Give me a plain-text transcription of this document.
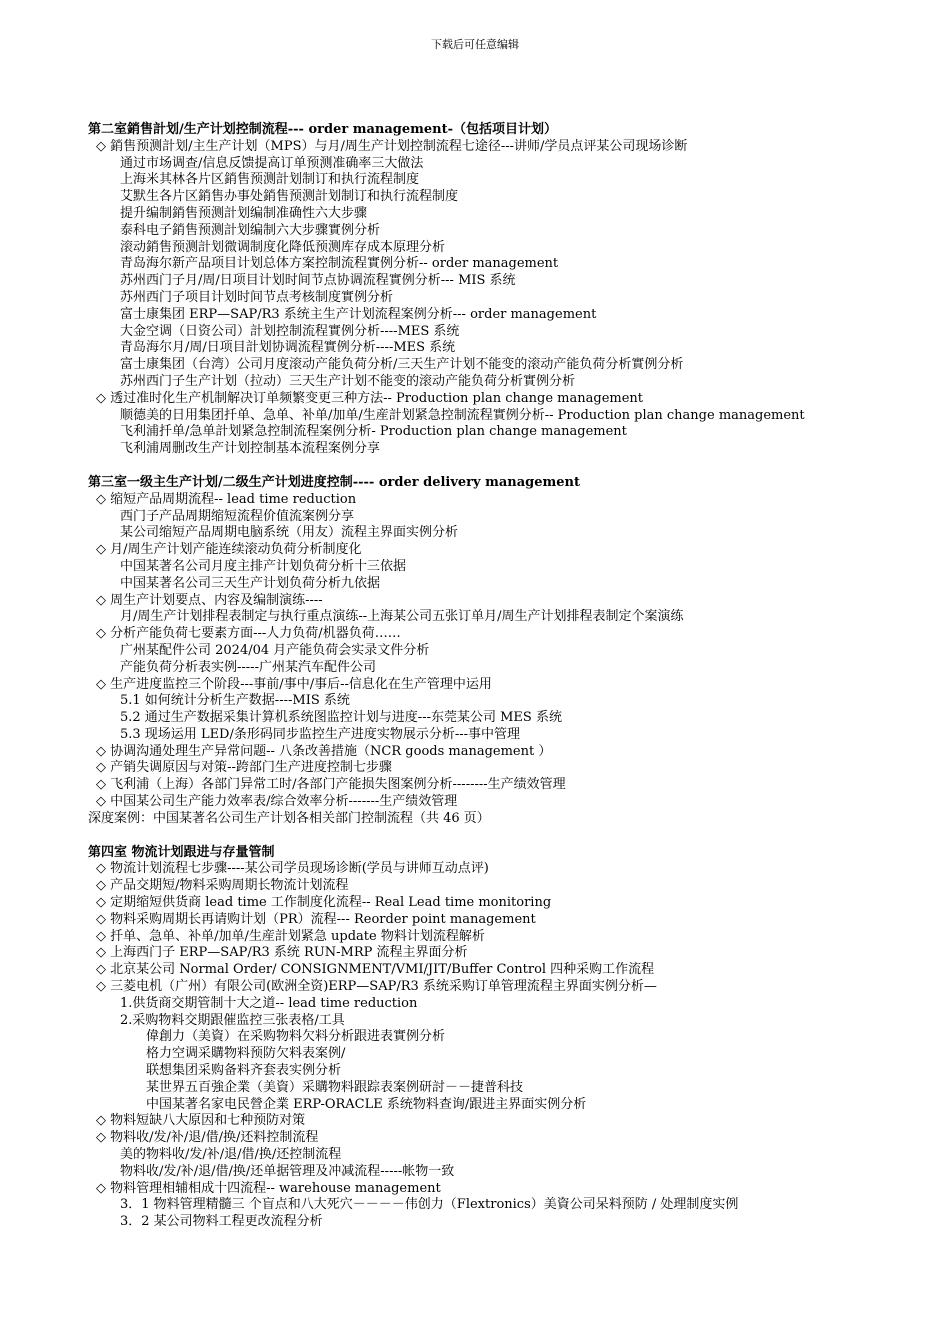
下载后可任意编辑
第二室銷售計划/生产计划控制流程--- order management-（包括项目计划）
◇ 銷售预测計划/主生产计划（MPS）与月/周生产计划控制流程七途径---讲师/学员点评某公司现场诊断
通过市场调查/信息反馈提高订单预测准确率三大做法
上海米其林各片区銷售预测計划制订和执行流程制度
艾默生各片区銷售办事处銷售预测計划制订和执行流程制度
提升编制銷售预测計划编制准确性六大步骤
泰科电子銷售预测計划编制六大步骤實例分析
滚动銷售预测計划微调制度化降低预测库存成本原理分析
青岛海尔新产品项目计划总体方案控制流程實例分析-- order management
苏州西门子月/周/日项目计划时间节点协调流程實例分析--- MIS 系统
苏州西门子项目计划时间节点考核制度實例分析
富士康集团 ERP—SAP/R3 系统主生产计划流程案例分析--- order management
大金空调（日资公司）計划控制流程實例分析----MES 系统
青岛海尔月/周/日项目計划协调流程實例分析----MES 系统
富士康集团（台湾）公司月度滚动产能负荷分析/三天生产计划不能变的滚动产能负荷分析實例分析
苏州西门子生产计划（拉动）三天生产计划不能变的滚动产能负荷分析實例分析
◇ 透过准时化生产机制解决订单频繁变更三种方法-- Production plan change management
顺德美的日用集团扦单、急单、补单/加单/生産計划紧急控制流程實例分析-- Production plan change management
飞利浦扦单/急单計划紧急控制流程案例分析- Production plan change management
飞利浦周删改生产计划控制基本流程案例分享
第三室一级主生产计划/二级生产计划进度控制---- order delivery management
◇ 缩短产品周期流程-- lead time reduction
西门子产品周期缩短流程价值流案例分享
某公司缩短产品周期电脑系统（用友）流程主界面实例分析
◇ 月/周生产计划产能连续滚动负荷分析制度化
中国某著名公司月度主排产计划负荷分析十三依据
中国某著名公司三天生产计划负荷分析九依据
◇ 周生产计划要点、内容及编制演练----
月/周生产计划排程表制定与执行重点演练--上海某公司五张订单月/周生产计划排程表制定个案演练
◇ 分析产能负荷七要素方面---人力负荷/机器负荷……
广州某配件公司 2024/04 月产能负荷会实录文件分析
产能负荷分析表实例-----广州某汽车配件公司
◇ 生产进度监控三个阶段---事前/事中/事后--信息化在生产管理中运用
5.1 如何统计分析生产数据----MIS 系统
5.2 通过生产数据采集计算机系统图监控计划与进度---东莞某公司 MES 系统
5.3 现场运用 LED/条形码同步监控生产进度实物展示分析---事中管理
◇ 协调沟通处理生产异常问题-- 八条改善措施（NCR goods management ）
◇ 产销失调原因与对策--跨部门生产进度控制七步骤
◇ 飞利浦（上海）各部门异常工时/各部门产能损失图案例分析--------生产绩效管理
◇ 中国某公司生产能力效率表/综合效率分析-------生产绩效管理
深度案例：中国某著名公司生产计划各相关部门控制流程（共 46 页）
第四室 物流计划跟进与存量管制
◇ 物流计划流程七步骤----某公司学员现场诊断(学员与讲师互动点评)
◇ 产品交期短/物料采购周期长物流计划流程
◇ 定期缩短供货商 lead time 工作制度化流程-- Real Lead time monitoring
◇ 物料采购周期长再请购计划（PR）流程--- Reorder point management
◇ 扦单、急单、补单/加单/生産計划紧急 update 物料计划流程解析
◇ 上海西门子 ERP—SAP/R3 系统 RUN-MRP 流程主界面分析
◇ 北京某公司 Normal Order/ CONSIGNMENT/VMI/JIT/Buffer Control 四种采购工作流程
◇ 三菱电机（广州）有限公司(欧洲全资)ERP—SAP/R3 系统采购订单管理流程主界面实例分析—
1.供货商交期管制十大之道-- lead time reduction
2.采购物料交期跟催监控三张表格/工具
偉創力（美資）在采购物料欠料分析跟进表實例分析
格力空调采購物料预防欠料表案例/
联想集团采购备料齐套表实例分析
某世界五百強企業（美資）采購物料跟踪表案例研討－－捷普科技
中国某著名家电民營企業 ERP-ORACLE 系统物料查询/跟进主界面实例分析
◇ 物料短缺八大原因和七种预防对策
◇ 物料收/发/补/退/借/换/还料控制流程
美的物料收/发/补/退/借/换/还控制流程
物料收/发/补/退/借/换/还单据管理及冲减流程-----帐物一致
◇ 物料管理相辅相成十四流程-- warehouse management
3．1 物料管理精髓三 个盲点和八大死穴－－－－伟创力（Flextronics）美資公司呆料预防 / 处理制度实例
3．2 某公司物料工程更改流程分析
